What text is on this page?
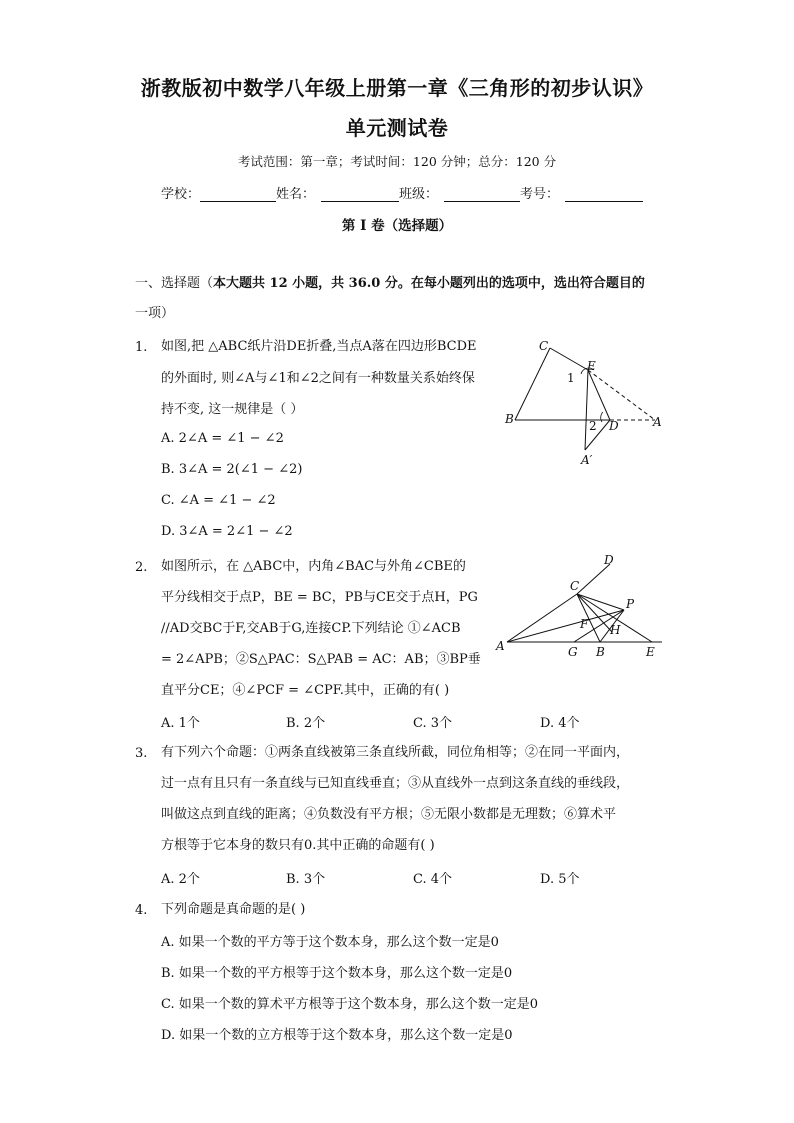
浙教版初中数学八年级上册第一章《三角形的初步认识》
单元测试卷
考试范围：第一章；考试时间：120 分钟；总分：120 分
学校：	姓名：	班级：	考号：
第 I 卷（选择题）
一、选择题（本大题共 12 小题，共 36.0 分。在每小题列出的选项中，选出符合题目的
一项）
1. 如图,把 △ABC纸片沿DE折叠,当点A落在四边形BCDE
的外面时, 则∠A与∠1和∠2之间有一种数量关系始终保
持不变, 这一规律是（ ）
A. 2∠A = ∠1 − ∠2
B. 3∠A = 2(∠1 − ∠2)
C. ∠A = ∠1 − ∠2
D. 3∠A = 2∠1 − ∠2
C
E
1
B	2 D	A
A′
2. 如图所示，在 △ABC中，内角∠BAC与外角∠CBE的
平分线相交于点P，BE = BC，PB与CE交于点H，PG
//AD交BC于F,交AB于G,连接CP.下列结论 ①∠ACB
= 2∠APB；②S△PAC：S△PAB = AC：AB；③BP垂
直平分CE；④∠PCF = ∠CPF.其中，正确的有( )
A. 1个	B. 2个	C. 3个	D. 4个
D
C
P
F H
A	G B	E
3. 有下列六个命题：①两条直线被第三条直线所截，同位角相等；②在同一平面内，
过一点有且只有一条直线与已知直线垂直；③从直线外一点到这条直线的垂线段，
叫做这点到直线的距离；④负数没有平方根；⑤无限小数都是无理数；⑥算术平
方根等于它本身的数只有0.其中正确的命题有( )
A. 2个	B. 3个	C. 4个	D. 5个
4. 下列命题是真命题的是( )
A. 如果一个数的平方等于这个数本身，那么这个数一定是0
B. 如果一个数的平方根等于这个数本身，那么这个数一定是0
C. 如果一个数的算术平方根等于这个数本身，那么这个数一定是0
D. 如果一个数的立方根等于这个数本身，那么这个数一定是0
